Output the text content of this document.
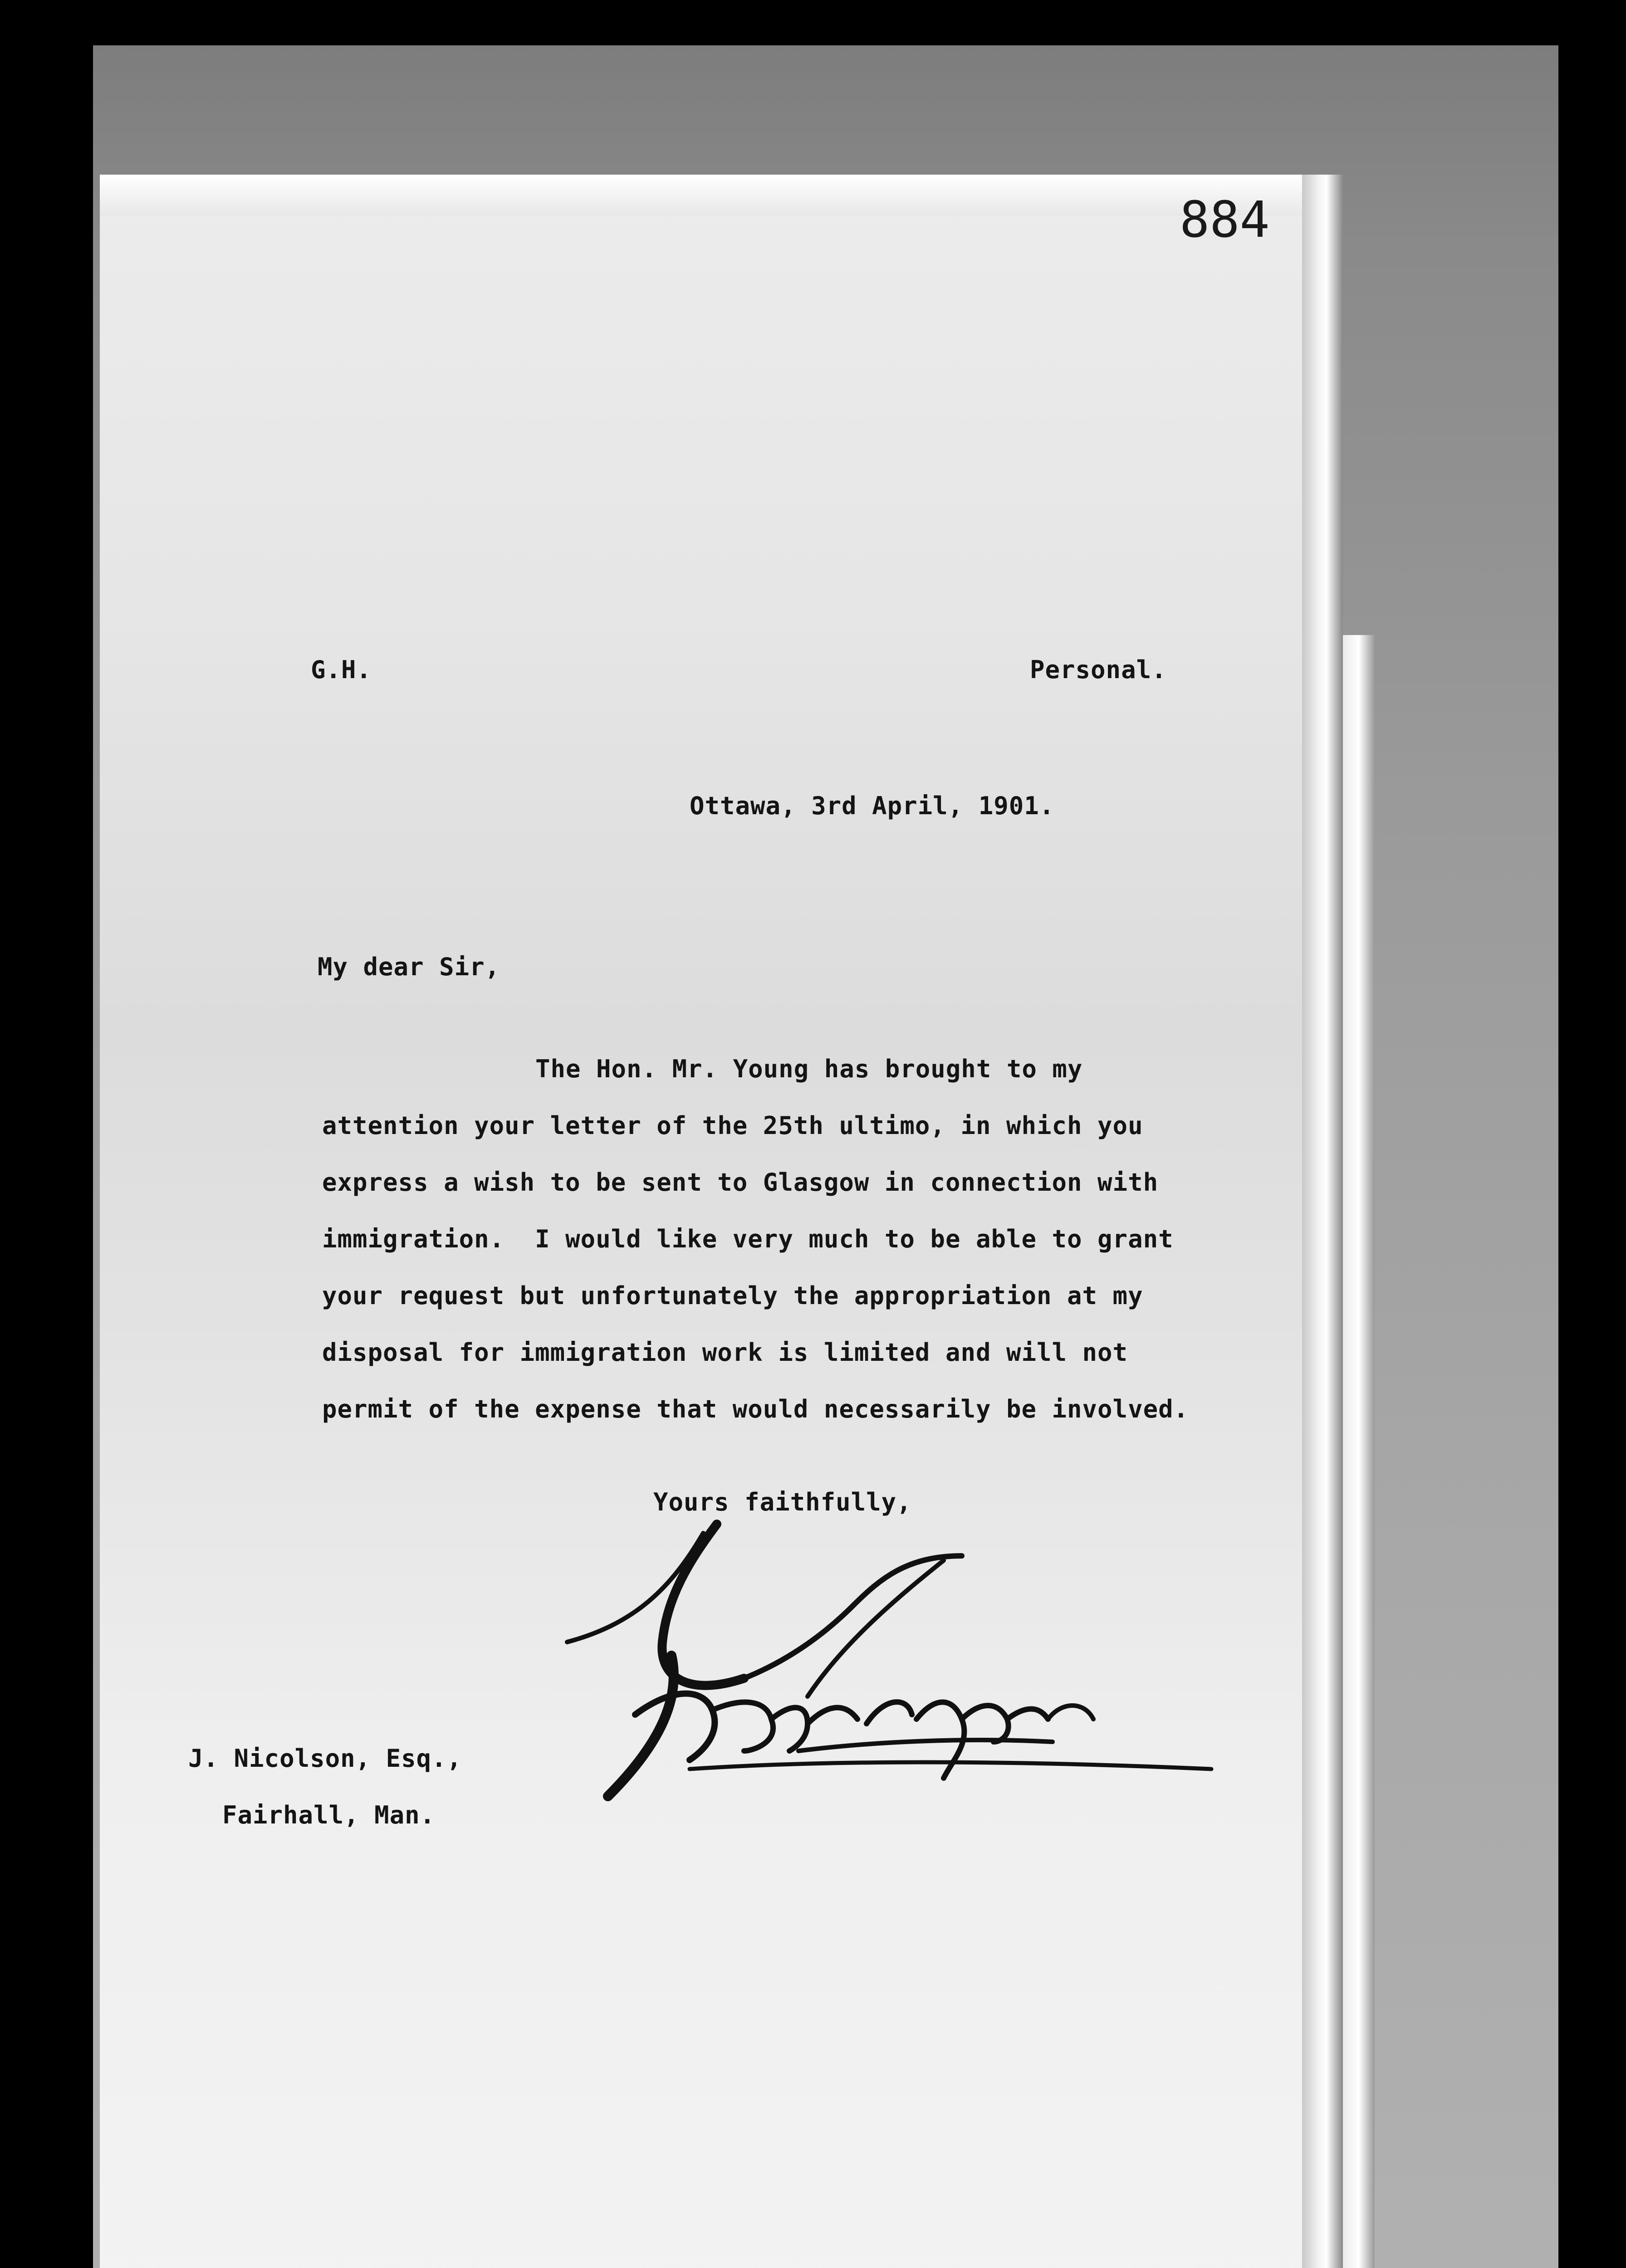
884
G.H.	Personal.
Ottawa, 3rd April, 1901.
My dear Sir,
The Hon. Mr. Young has brought to my
attention your letter of the 25th ultimo, in which you
express a wish to be sent to Glasgow in connection with
immigration.  I would like very much to be able to grant
your request but unfortunately the appropriation at my
disposal for immigration work is limited and will not
permit of the expense that would necessarily be involved.
Yours faithfully,
J. Nicolson, Esq.,
Fairhall, Man.
